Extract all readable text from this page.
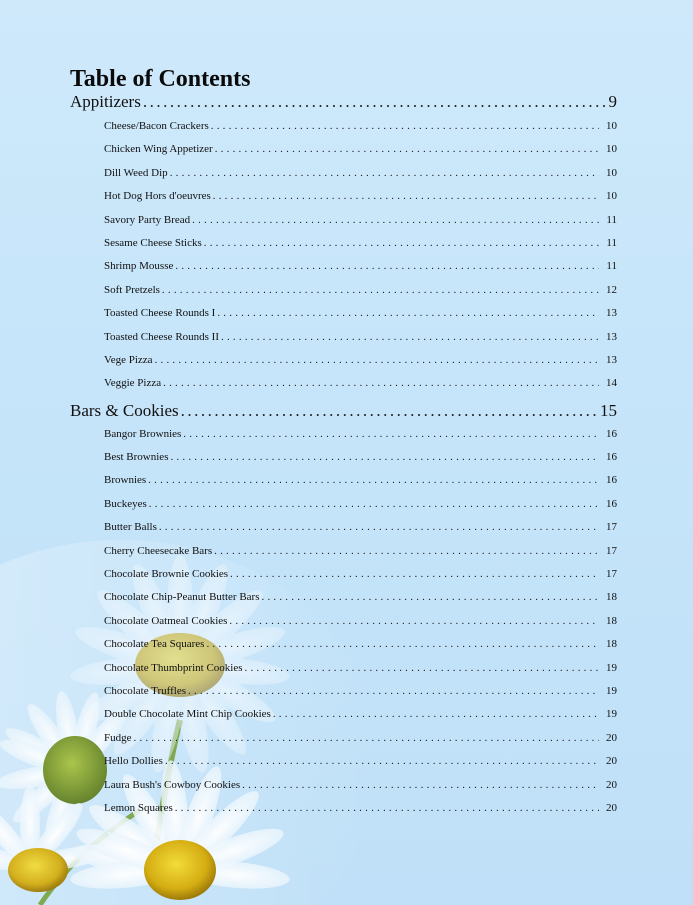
Table of Contents
Appitizers .....	9
Cheese/Bacon Crackers .....	10
Chicken Wing Appetizer .....	10
Dill Weed Dip .....	10
Hot Dog Hors d'oeuvres .....	10
Savory Party Bread .....	11
Sesame Cheese Sticks .....	11
Shrimp Mousse .....	11
Soft Pretzels .....	12
Toasted Cheese Rounds I .....	13
Toasted Cheese Rounds II .....	13
Vege Pizza .....	13
Veggie Pizza .....	14
Bars & Cookies .....	15
Bangor Brownies .....	16
Best Brownies .....	16
Brownies .....	16
Buckeyes .....	16
Butter Balls .....	17
Cherry Cheesecake Bars .....	17
Chocolate Brownie Cookies .....	17
Chocolate Chip-Peanut Butter Bars .....	18
Chocolate Oatmeal Cookies .....	18
Chocolate Tea Squares .....	18
Chocolate Thumbprint Cookies .....	19
Chocolate Truffles .....	19
Double Chocolate Mint Chip Cookies .....	19
Fudge .....	20
Hello Dollies .....	20
Laura Bush's Cowboy Cookies .....	20
Lemon Squares .....	20
